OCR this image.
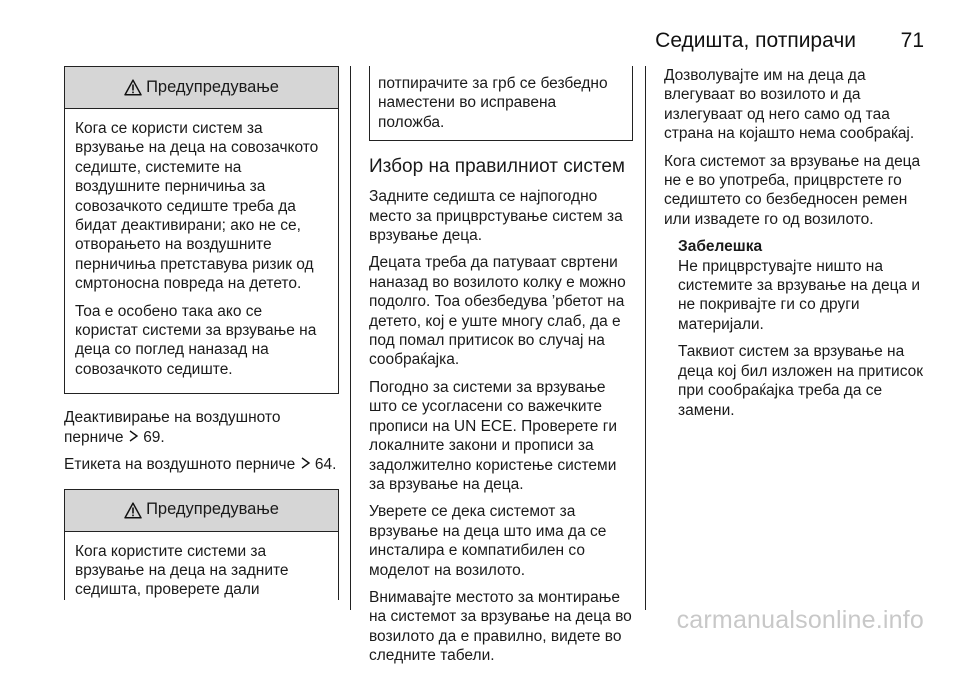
Седишта, потпирачи 71
Предупредување

Кога се користи систем за врзување на деца на совозачкото седиште, системите на воздушните перничиња за совозачкото седиште треба да бидат деактивирани; ако не се, отворањето на воздушните перничиња претставува ризик од смртоносна повреда на детето.

Тоа е особено така ако се користат системи за врзување на деца со поглед наназад на совозачкото седиште.

Деактивирање на воздушното перниче 69.

Етикета на воздушното перниче 64.

Предупредување

Кога користите системи за врзување на деца на задните седишта, проверете дали

потпирачите за грб се безбедно наместени во исправена положба.

Избор на правилниот систем

Задните седишта се најпогодно место за прицврстување систем за врзување деца.

Децата треба да патуваат свртени наназад во возилото колку е можно подолго. Тоа обезбедува ’рбетот на детето, кој е уште многу слаб, да е под помал притисок во случај на сообраќајка.

Погодно за системи за врзување што се усогласени со важечките прописи на UN ECE. Проверете ги локалните закони и прописи за задолжително користење системи за врзување на деца.

Уверете се дека системот за врзување на деца што има да се инсталира е компатибилен со моделот на возилото.

Внимавајте местото за монтирање на системот за врзување на деца во возилото да е правилно, видете во следните табели.

Дозволувајте им на деца да влегуваат во возилото и да излегуваат од него само од таа страна на којашто нема сообраќај.

Кога системот за врзување на деца не е во употреба, прицврстете го седиштето со безбедносен ремен или извадете го од возилото.

Забелешка

Не прицврстувајте ништо на системите за врзување на деца и не покривајте ги со други материјали.

Таквиот систем за врзување на деца кој бил изложен на притисок при сообраќајка треба да се замени.

carmanualsonline.info
